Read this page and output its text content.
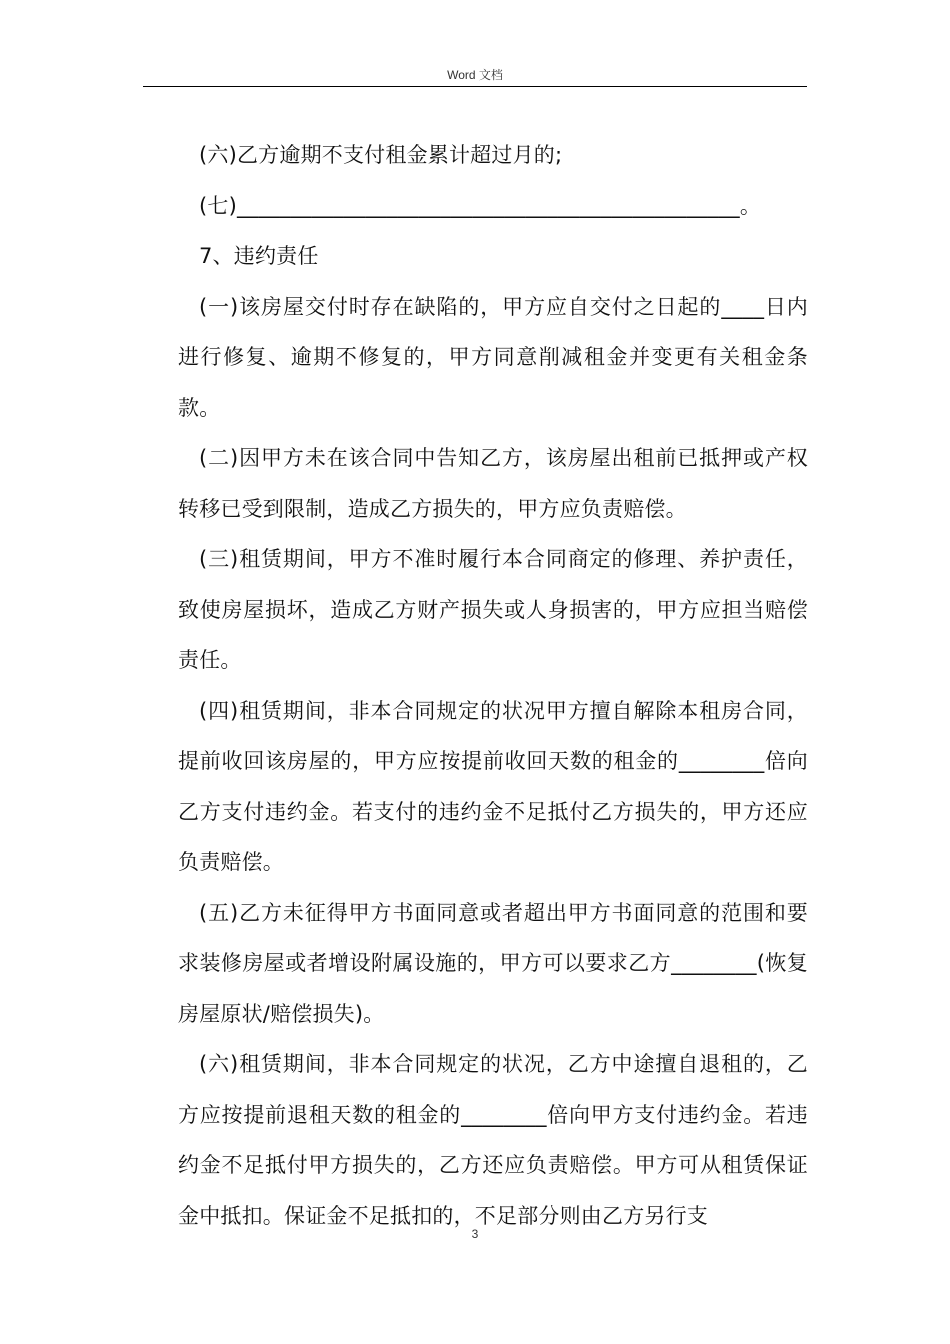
Word 文档

(六)乙方逾期不支付租金累计超过月的;

(七)_______________________________________________。

7、违约责任

(一)该房屋交付时存在缺陷的，甲方应自交付之日起的____日内进行修复、逾期不修复的，甲方同意削减租金并变更有关租金条款。

(二)因甲方未在该合同中告知乙方，该房屋出租前已抵押或产权转移已受到限制，造成乙方损失的，甲方应负责赔偿。

(三)租赁期间，甲方不准时履行本合同商定的修理、养护责任，致使房屋损坏，造成乙方财产损失或人身损害的，甲方应担当赔偿责任。

(四)租赁期间，非本合同规定的状况甲方擅自解除本租房合同，提前收回该房屋的，甲方应按提前收回天数的租金的________倍向乙方支付违约金。若支付的违约金不足抵付乙方损失的，甲方还应负责赔偿。

(五)乙方未征得甲方书面同意或者超出甲方书面同意的范围和要求装修房屋或者增设附属设施的，甲方可以要求乙方________(恢复房屋原状/赔偿损失)。

(六)租赁期间，非本合同规定的状况，乙方中途擅自退租的，乙方应按提前退租天数的租金的________倍向甲方支付违约金。若违约金不足抵付甲方损失的，乙方还应负责赔偿。甲方可从租赁保证金中抵扣。保证金不足抵扣的，不足部分则由乙方另行支

3
